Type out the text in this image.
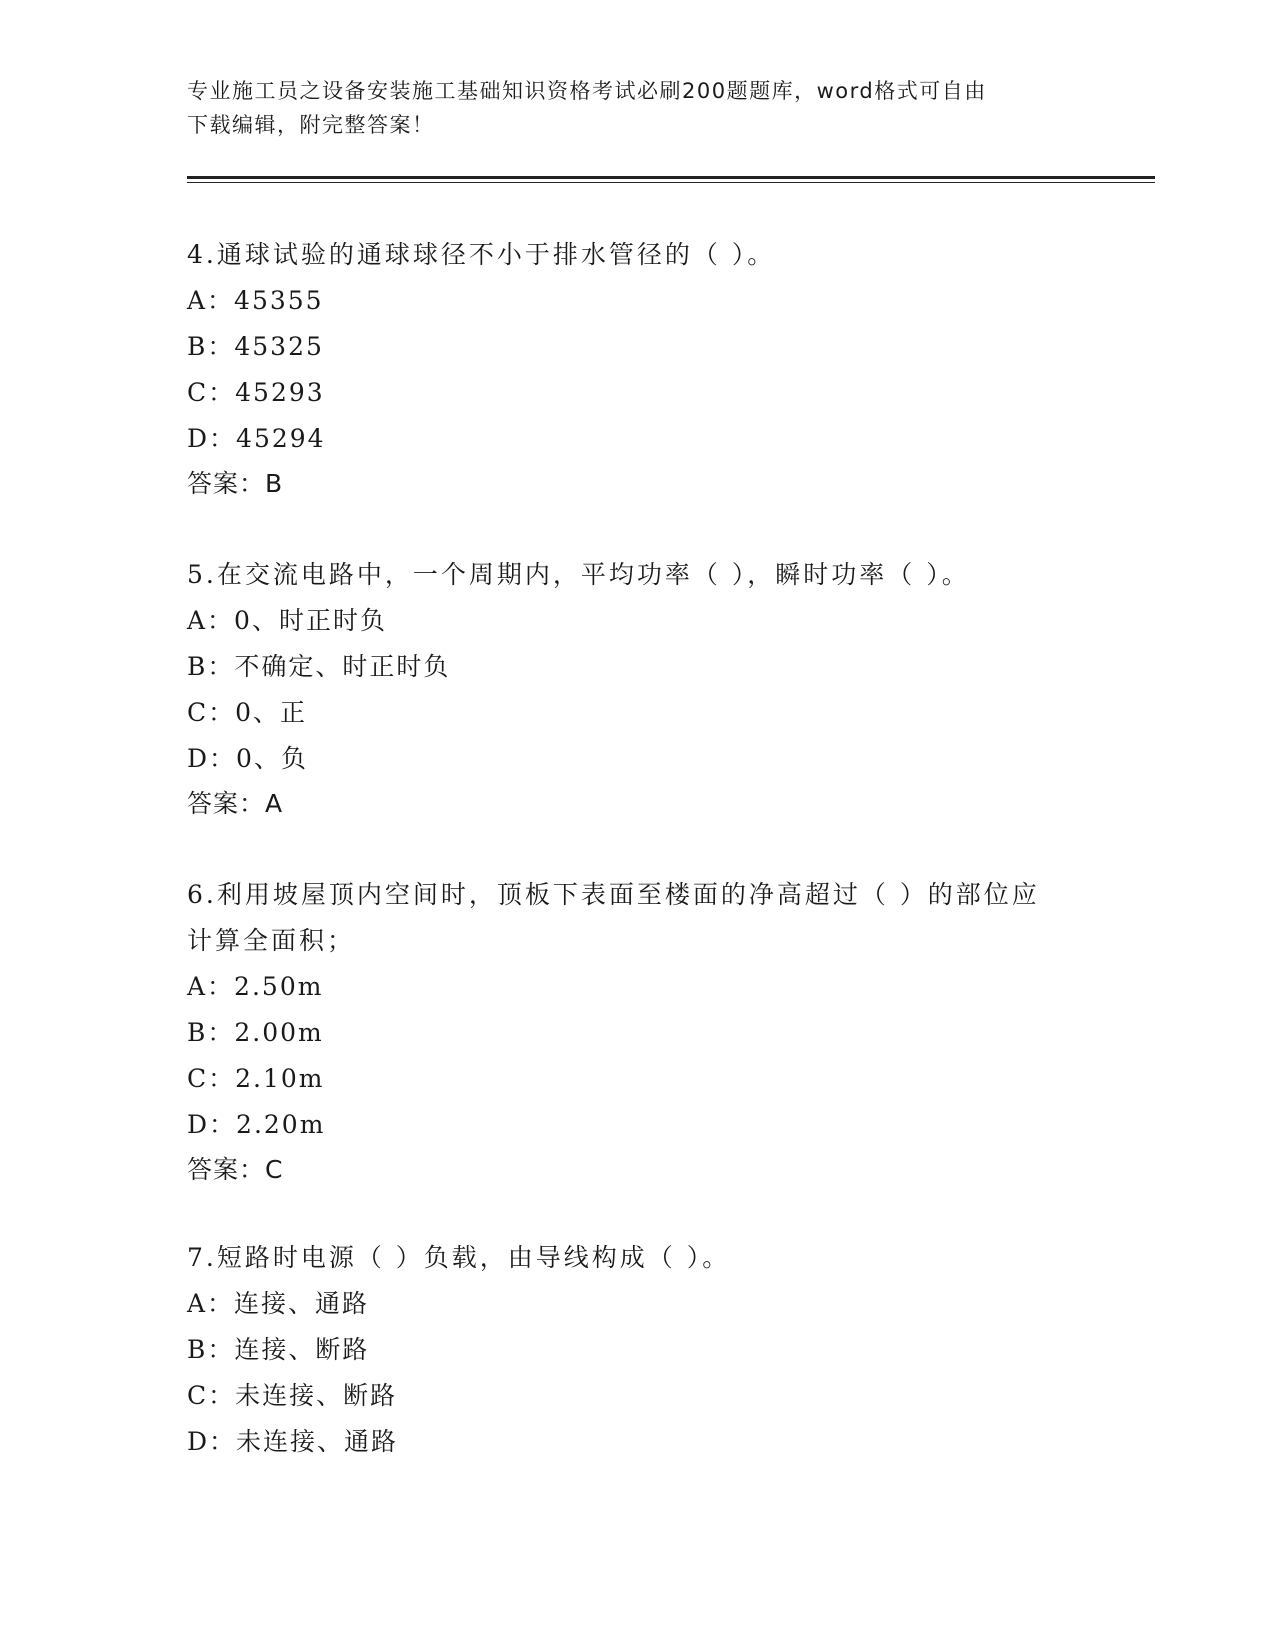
专业施工员之设备安装施工基础知识资格考试必刷200题题库，word格式可自由
下载编辑，附完整答案！

4.通球试验的通球球径不小于排水管径的（ ）。

A：45355

B：45325

C：45293

D：45294

答案：B

5.在交流电路中，一个周期内，平均功率（ ），瞬时功率（ ）。

A：0、时正时负

B：不确定、时正时负

C：0、正

D：0、负

答案：A

6.利用坡屋顶内空间时，顶板下表面至楼面的净高超过（ ）的部位应

计算全面积；

A：2.50m

B：2.00m

C：2.10m

D：2.20m

答案：C

7.短路时电源（ ）负载，由导线构成（ ）。

A：连接、通路

B：连接、断路

C：未连接、断路

D：未连接、通路
